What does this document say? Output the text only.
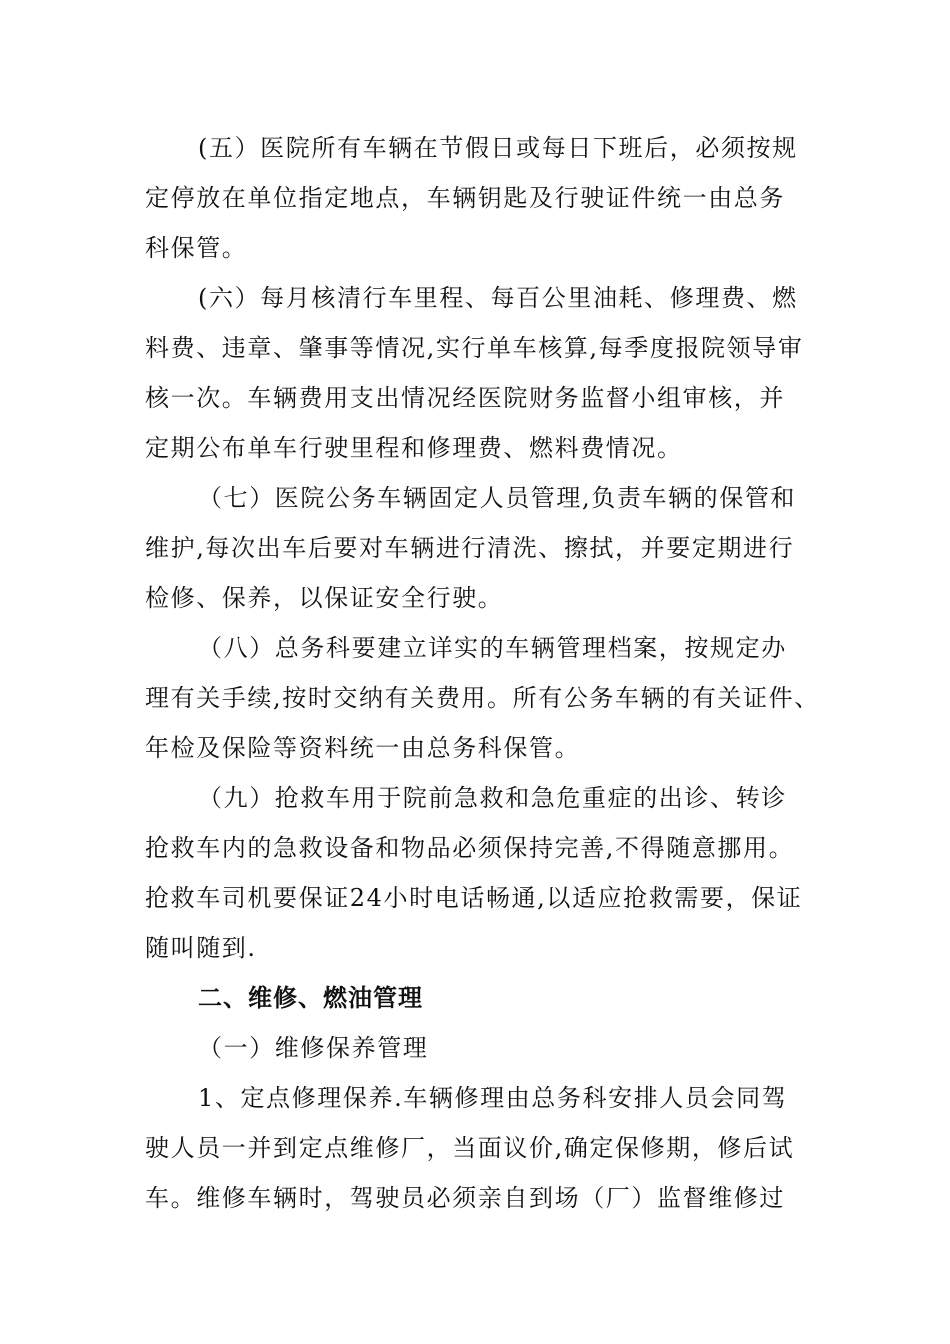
(五）医院所有车辆在节假日或每日下班后，必须按规
定停放在单位指定地点，车辆钥匙及行驶证件统一由总务
科保管。
(六）每月核清行车里程、每百公里油耗、修理费、燃
料费、违章、肇事等情况,实行单车核算,每季度报院领导审
核一次。车辆费用支出情况经医院财务监督小组审核，并
定期公布单车行驶里程和修理费、燃料费情况。
（七）医院公务车辆固定人员管理,负责车辆的保管和
维护,每次出车后要对车辆进行清洗、擦拭，并要定期进行
检修、保养，以保证安全行驶。
（八）总务科要建立详实的车辆管理档案，按规定办
理有关手续,按时交纳有关费用。所有公务车辆的有关证件、
年检及保险等资料统一由总务科保管。
（九）抢救车用于院前急救和急危重症的出诊、转诊
抢救车内的急救设备和物品必须保持完善,不得随意挪用。
抢救车司机要保证24小时电话畅通,以适应抢救需要，保证
随叫随到.
二、维修、燃油管理
（一）维修保养管理
1、定点修理保养.车辆修理由总务科安排人员会同驾
驶人员一并到定点维修厂，当面议价,确定保修期，修后试
车。维修车辆时，驾驶员必须亲自到场（厂）监督维修过
